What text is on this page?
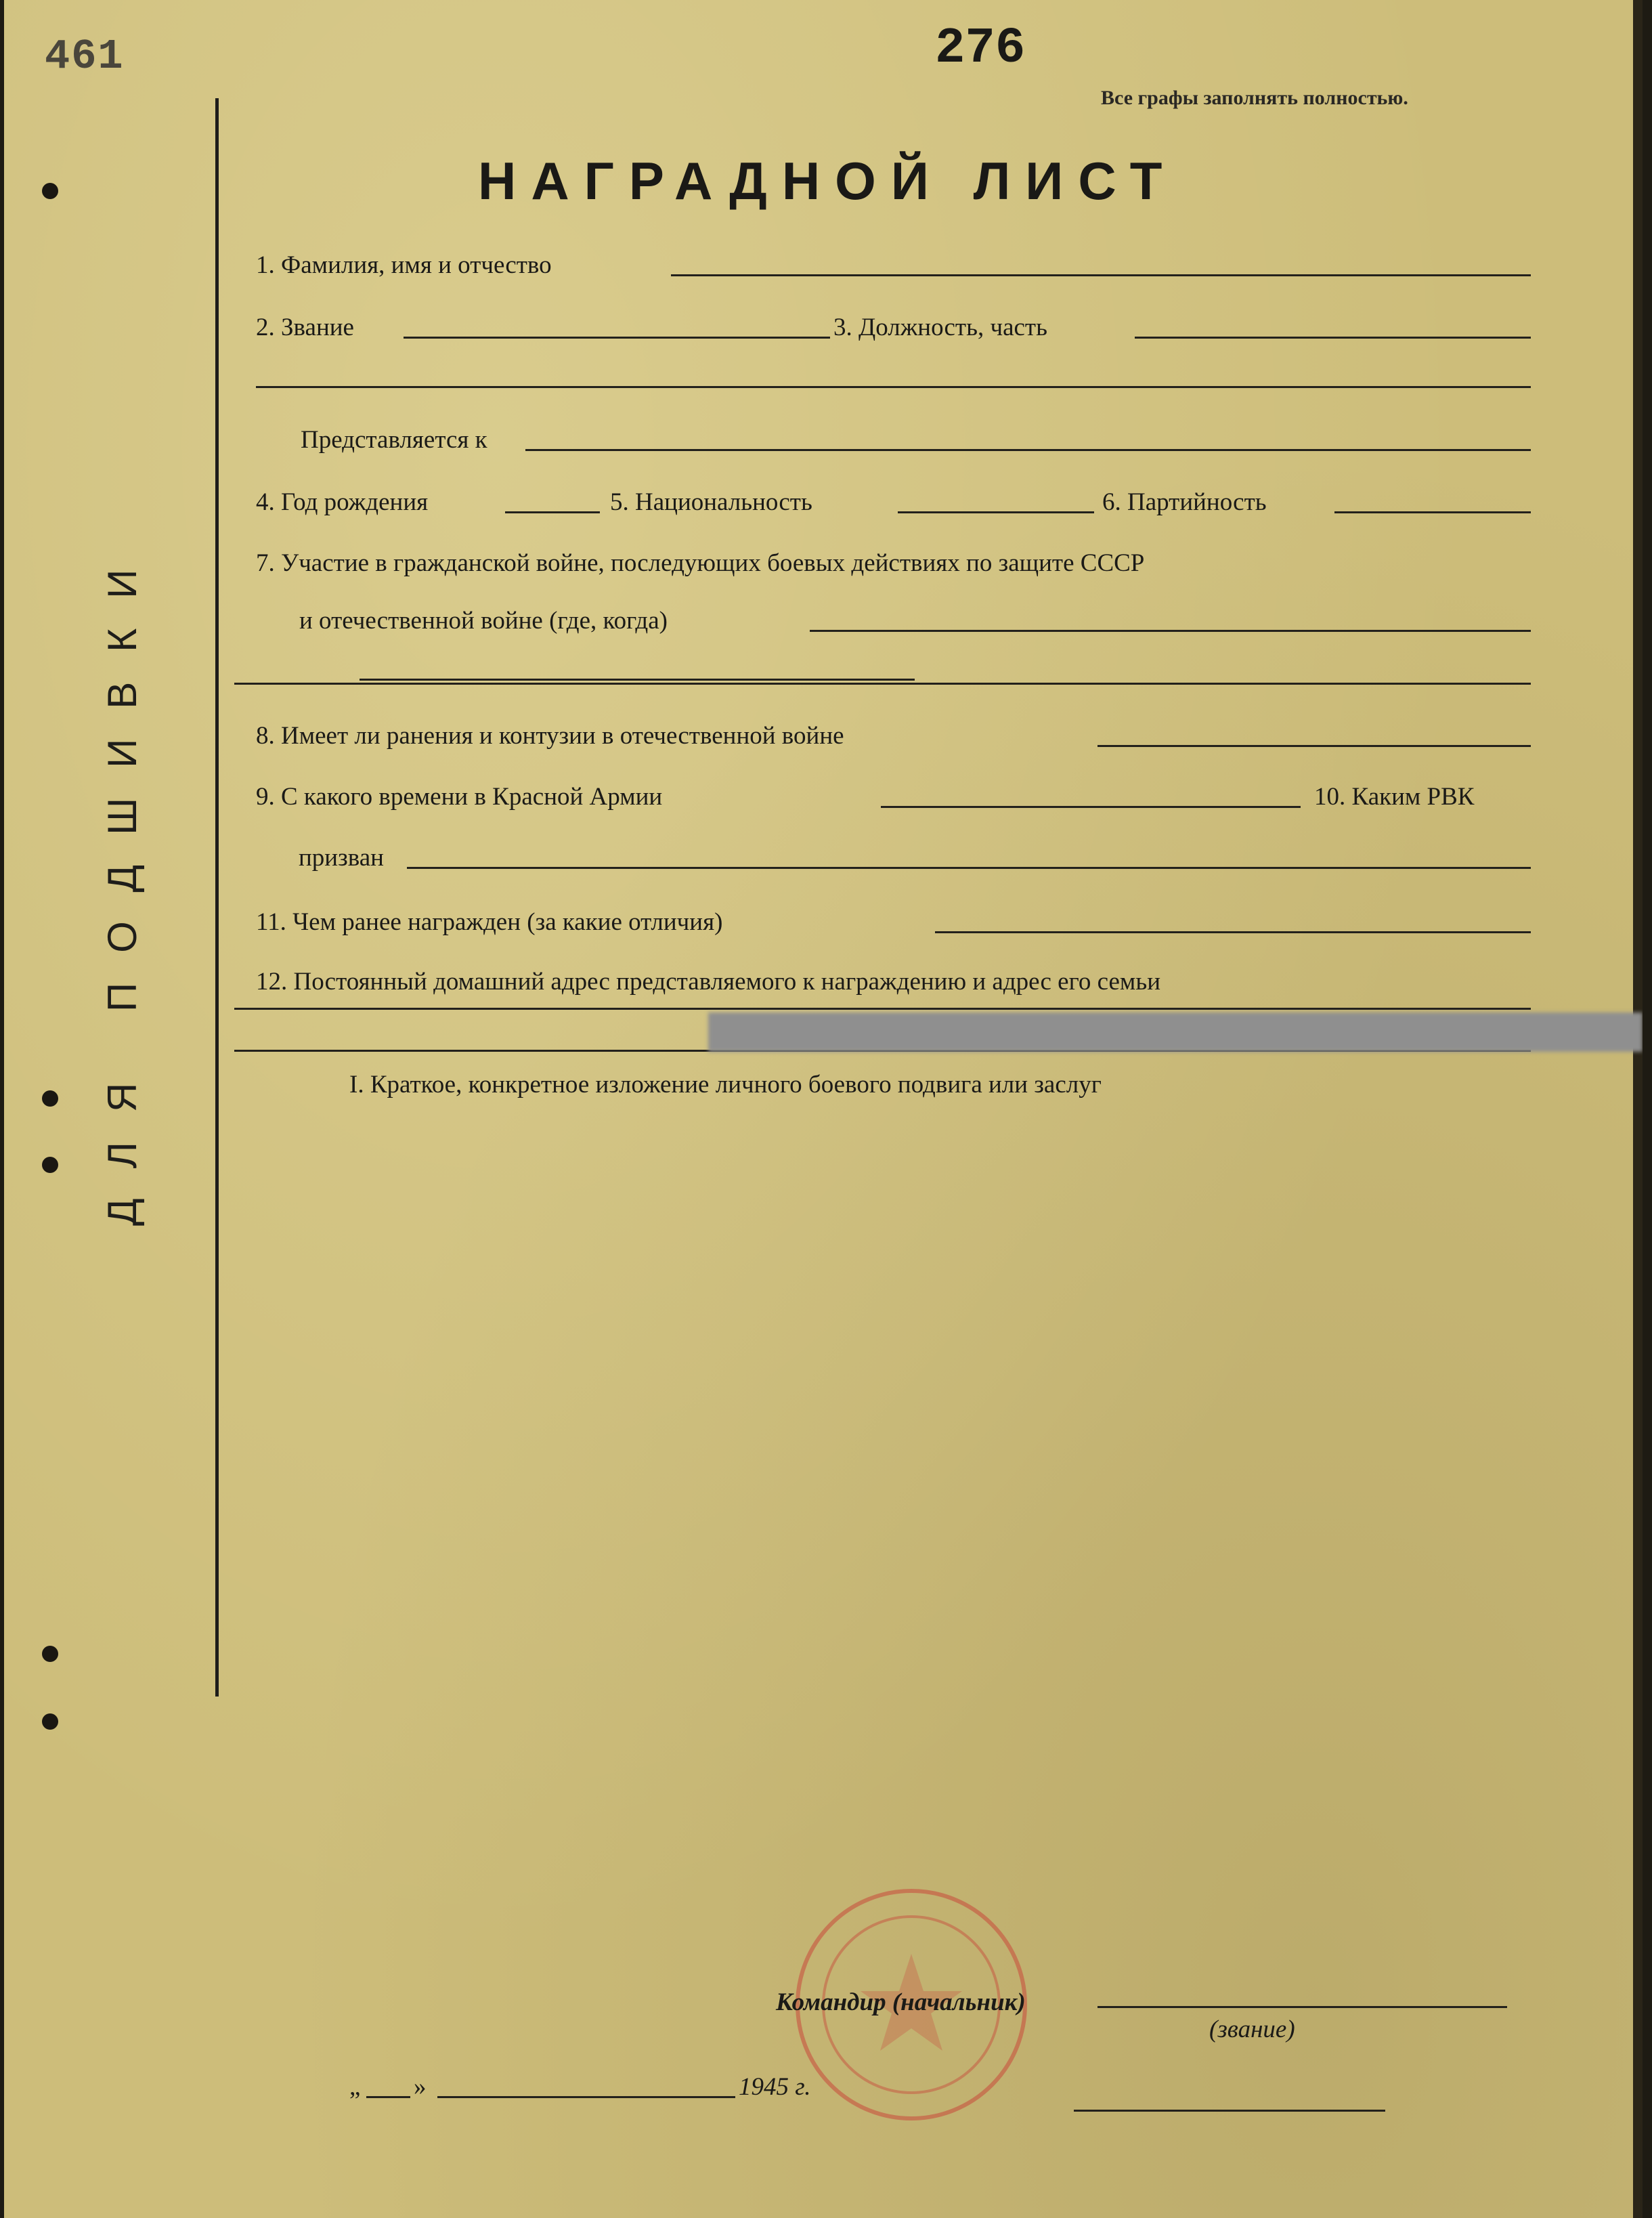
ДЛЯ ПОДШИВКИ
461	276
Все графы заполнять полностью.
НАГРАДНОЙ ЛИСТ
1. Фамилия, имя и отчество
2. Звание	3. Должность, часть
Представляется к
4. Год рождения	5. Национальность	6. Партийность
7. Участие в гражданской войне, последующих боевых действиях по защите СССР
и отечественной войне (где, когда)
8. Имеет ли ранения и контузии в отечественной войне
9. С какого времени в Красной Армии	10. Каким РВК
призван
11. Чем ранее награжден (за какие отличия)
12. Постоянный домашний адрес представляемого к награждению и адрес его семьи
I. Краткое, конкретное изложение личного боевого подвига или заслуг
Командир (начальник)
(звание)
„ »	1945 г.
